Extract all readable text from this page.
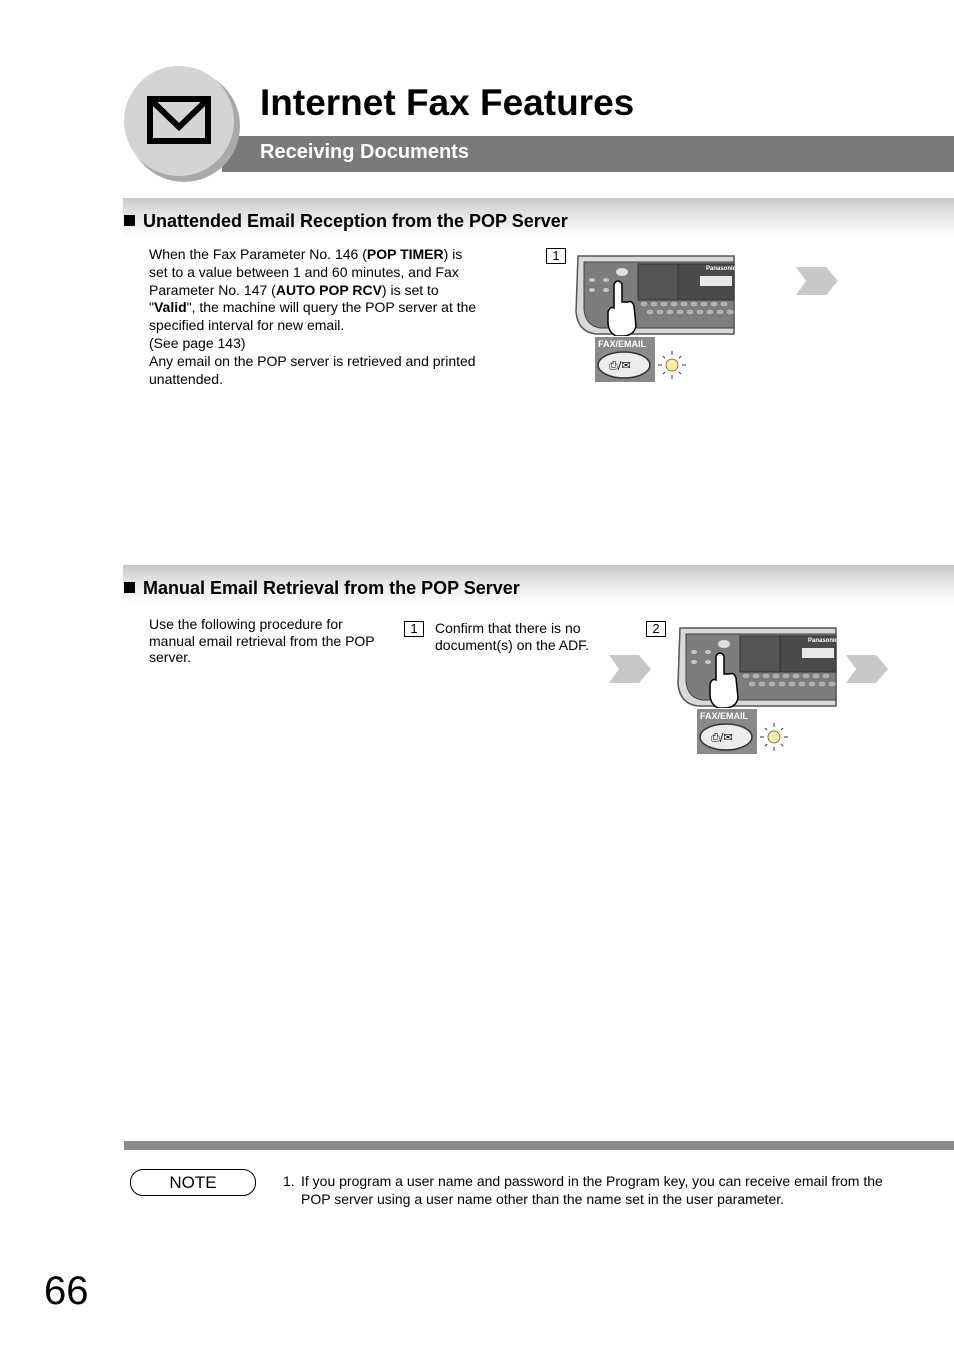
Internet Fax Features
Receiving Documents
Unattended Email Reception from the POP Server
When the Fax Parameter No. 146 (POP TIMER) is set to a value between 1 and 60 minutes, and Fax Parameter No. 147 (AUTO POP RCV) is set to "Valid", the machine will query the POP server at the specified interval for new email.
(See page 143)
Any email on the POP server is retrieved and printed unattended.
1
Panasonic
FAX/EMAIL
⎙/✉
Manual Email Retrieval from the POP Server
Use the following procedure for manual email retrieval from the POP server.
1	Confirm that there is no document(s) on the ADF.
2
Panasonic
FAX/EMAIL
⎙/✉
NOTE	1. If you program a user name and password in the Program key, you can receive email from the POP server using a user name other than the name set in the user parameter.
66
